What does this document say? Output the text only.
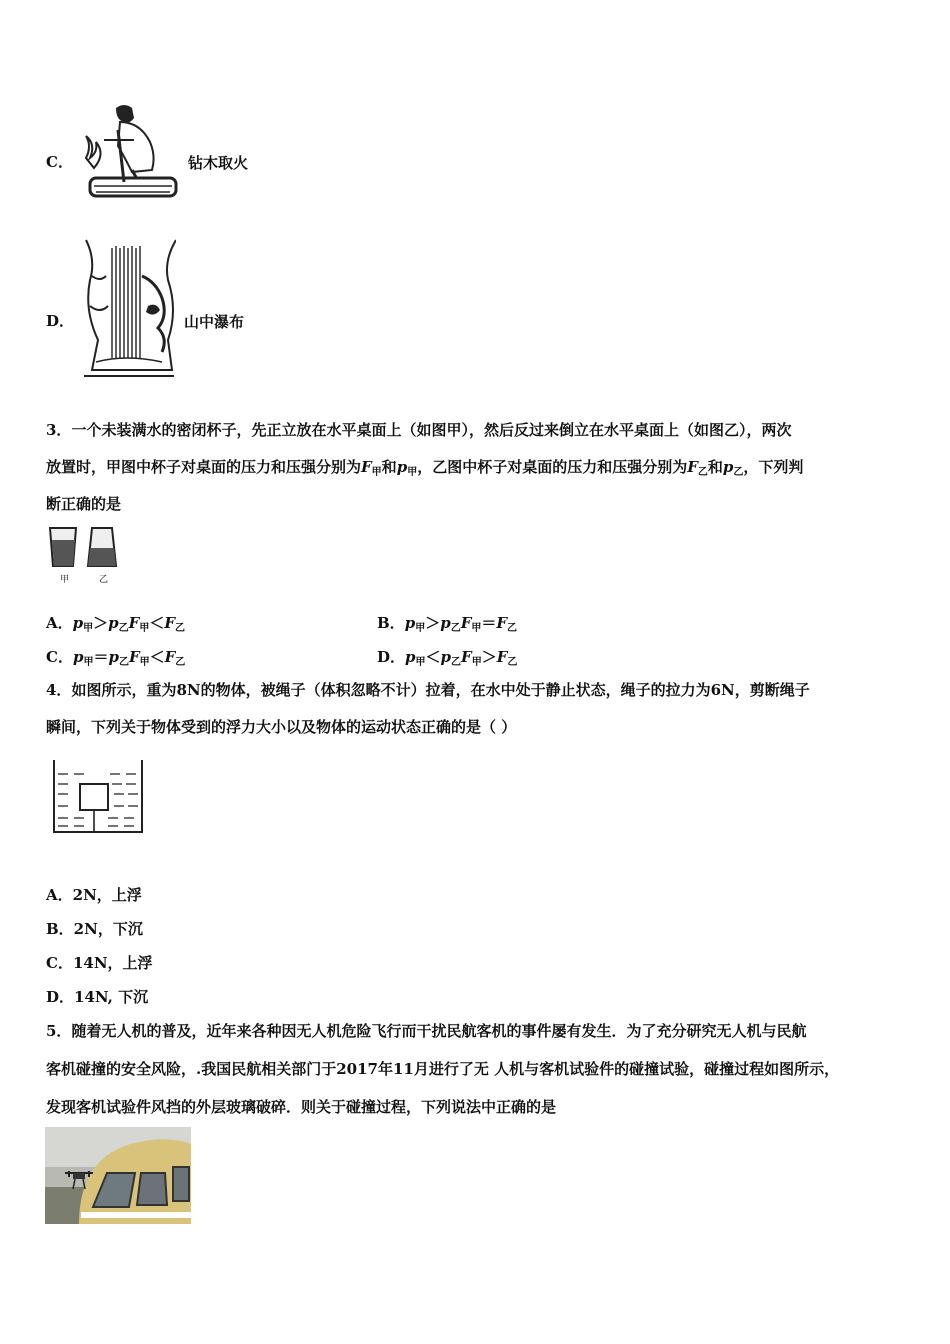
C．	钻木取火
D．	山中瀑布
3．一个未装满水的密闭杯子，先正立放在水平桌面上（如图甲），然后反过来倒立在水平桌面上（如图乙），两次
放置时，甲图中杯子对桌面的压力和压强分别为$F_甲$和$p_甲$，乙图中杯子对桌面的压力和压强分别为$F_乙$和$p_乙$，下列判
断正确的是
甲	乙
A．$p_甲>p_乙F_甲<F_乙$	B．$p_甲>p_乙F_甲=F_乙$
C．$p_甲=p_乙F_甲<F_乙$	D．$p_甲<p_乙F_甲>F_乙$
4．如图所示，重为8N的物体，被绳子（体积忽略不计）拉着，在水中处于静止状态，绳子的拉力为6N，剪断绳子
瞬间，下列关于物体受到的浮力大小以及物体的运动状态正确的是（ ）
A．2N，上浮
B．2N，下沉
C．14N，上浮
D．14N, 下沉
5．随着无人机的普及，近年来各种因无人机危险飞行而干扰民航客机的事件屡有发生．为了充分研究无人机与民航
客机碰撞的安全风险，.我国民航相关部门于2017年11月进行了无 人机与客机试验件的碰撞试验，碰撞过程如图所示，
发现客机试验件风挡的外层玻璃破碎．则关于碰撞过程，下列说法中正确的是
